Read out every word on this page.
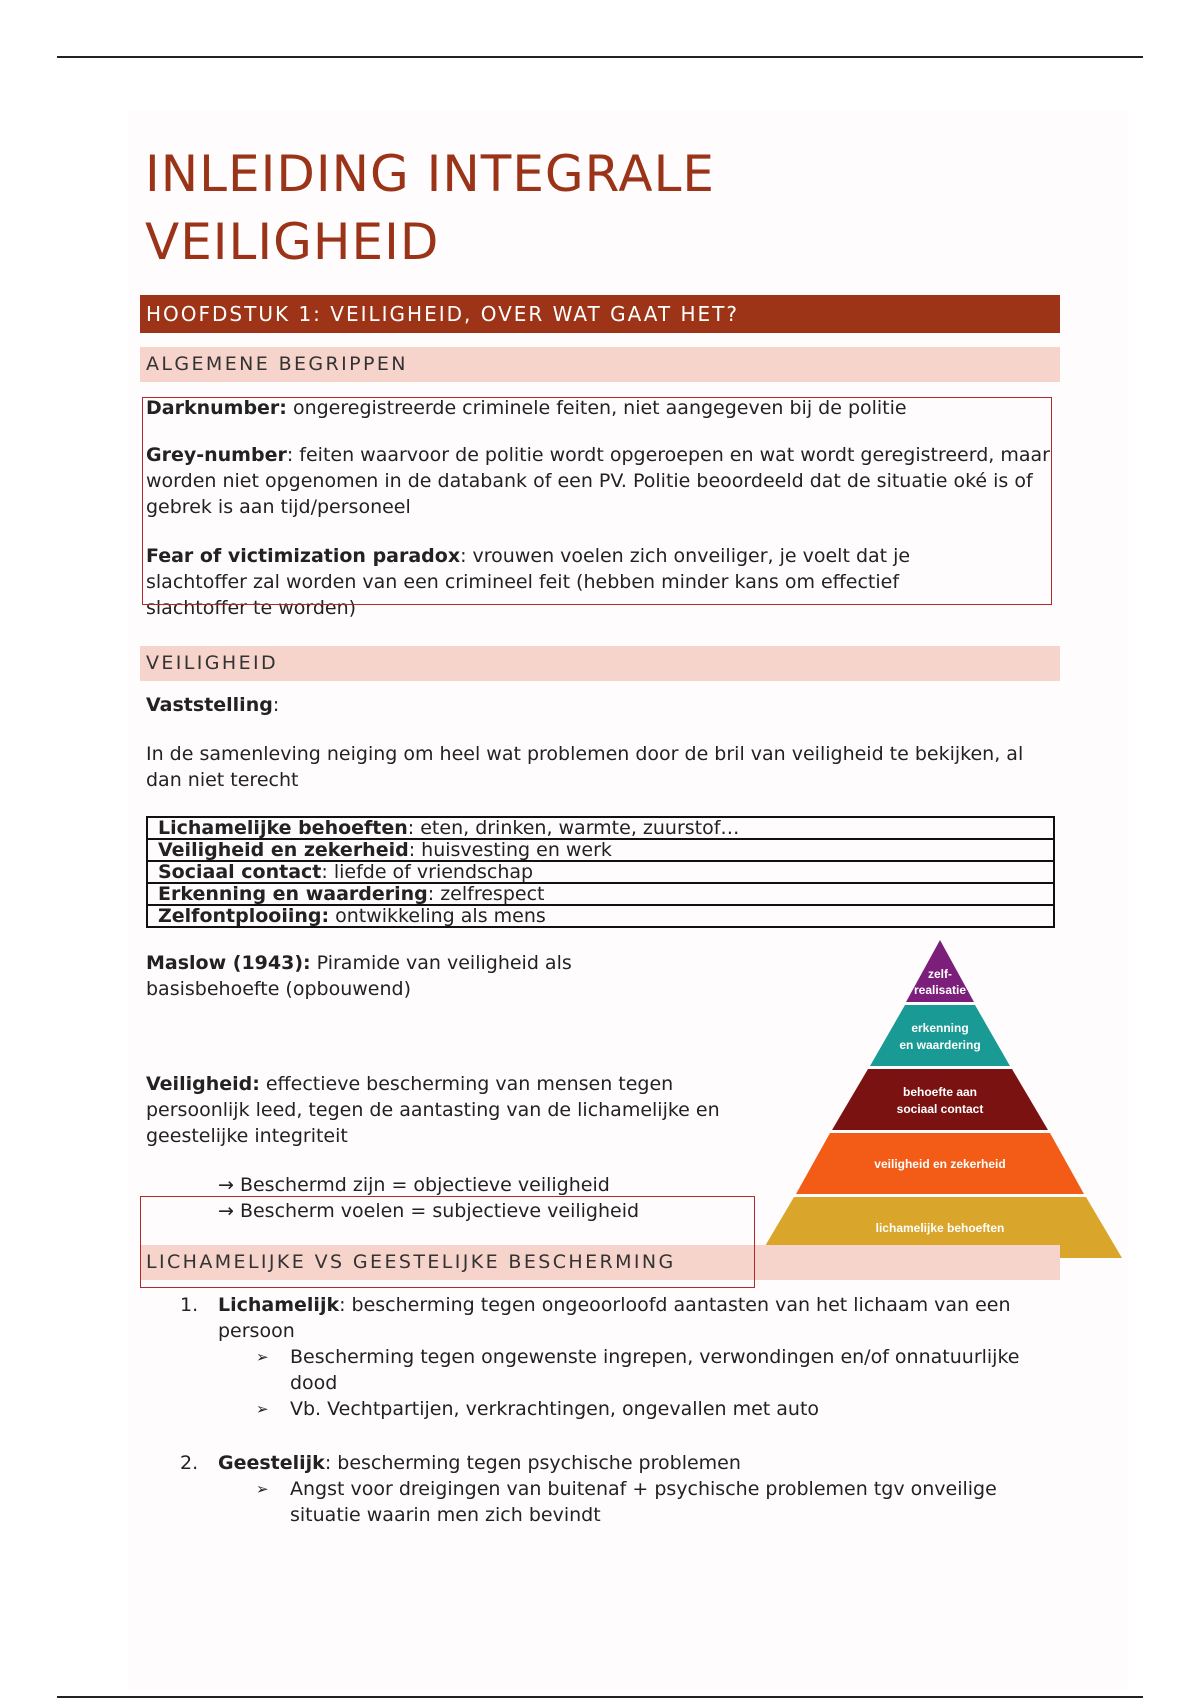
INLEIDING INTEGRALE
VEILIGHEID
HOOFDSTUK 1: VEILIGHEID, OVER WAT GAAT HET?
ALGEMENE BEGRIPPEN
Darknumber: ongeregistreerde criminele feiten, niet aangegeven bij de politie
Grey-number: feiten waarvoor de politie wordt opgeroepen en wat wordt geregistreerd, maar worden niet opgenomen in de databank of een PV. Politie beoordeeld dat de situatie oké is of gebrek is aan tijd/personeel
Fear of victimization paradox: vrouwen voelen zich onveiliger, je voelt dat je slachtoffer zal worden van een crimineel feit (hebben minder kans om effectief slachtoffer te worden)
VEILIGHEID
Vaststelling:
In de samenleving neiging om heel wat problemen door de bril van veiligheid te bekijken, al dan niet terecht
Lichamelijke behoeften: eten, drinken, warmte, zuurstof…
Veiligheid en zekerheid: huisvesting en werk
Sociaal contact: liefde of vriendschap
Erkenning en waardering: zelfrespect
Zelfontplooiing: ontwikkeling als mens
Maslow (1943): Piramide van veiligheid als basisbehoefte (opbouwend)
Veiligheid: effectieve bescherming van mensen tegen persoonlijk leed, tegen de aantasting van de lichamelijke en geestelijke integriteit
→ Beschermd zijn = objectieve veiligheid
→ Bescherm voelen = subjectieve veiligheid
zelf-
realisatie
erkenning
en waardering
behoefte aan
sociaal contact
veiligheid en zekerheid
lichamelijke behoeften
LICHAMELIJKE VS GEESTELIJKE BESCHERMING
1. Lichamelijk: bescherming tegen ongeoorloofd aantasten van het lichaam van een persoon
➢ Bescherming tegen ongewenste ingrepen, verwondingen en/of onnatuurlijke dood
➢ Vb. Vechtpartijen, verkrachtingen, ongevallen met auto
2. Geestelijk: bescherming tegen psychische problemen
➢ Angst voor dreigingen van buitenaf + psychische problemen tgv onveilige situatie waarin men zich bevindt
